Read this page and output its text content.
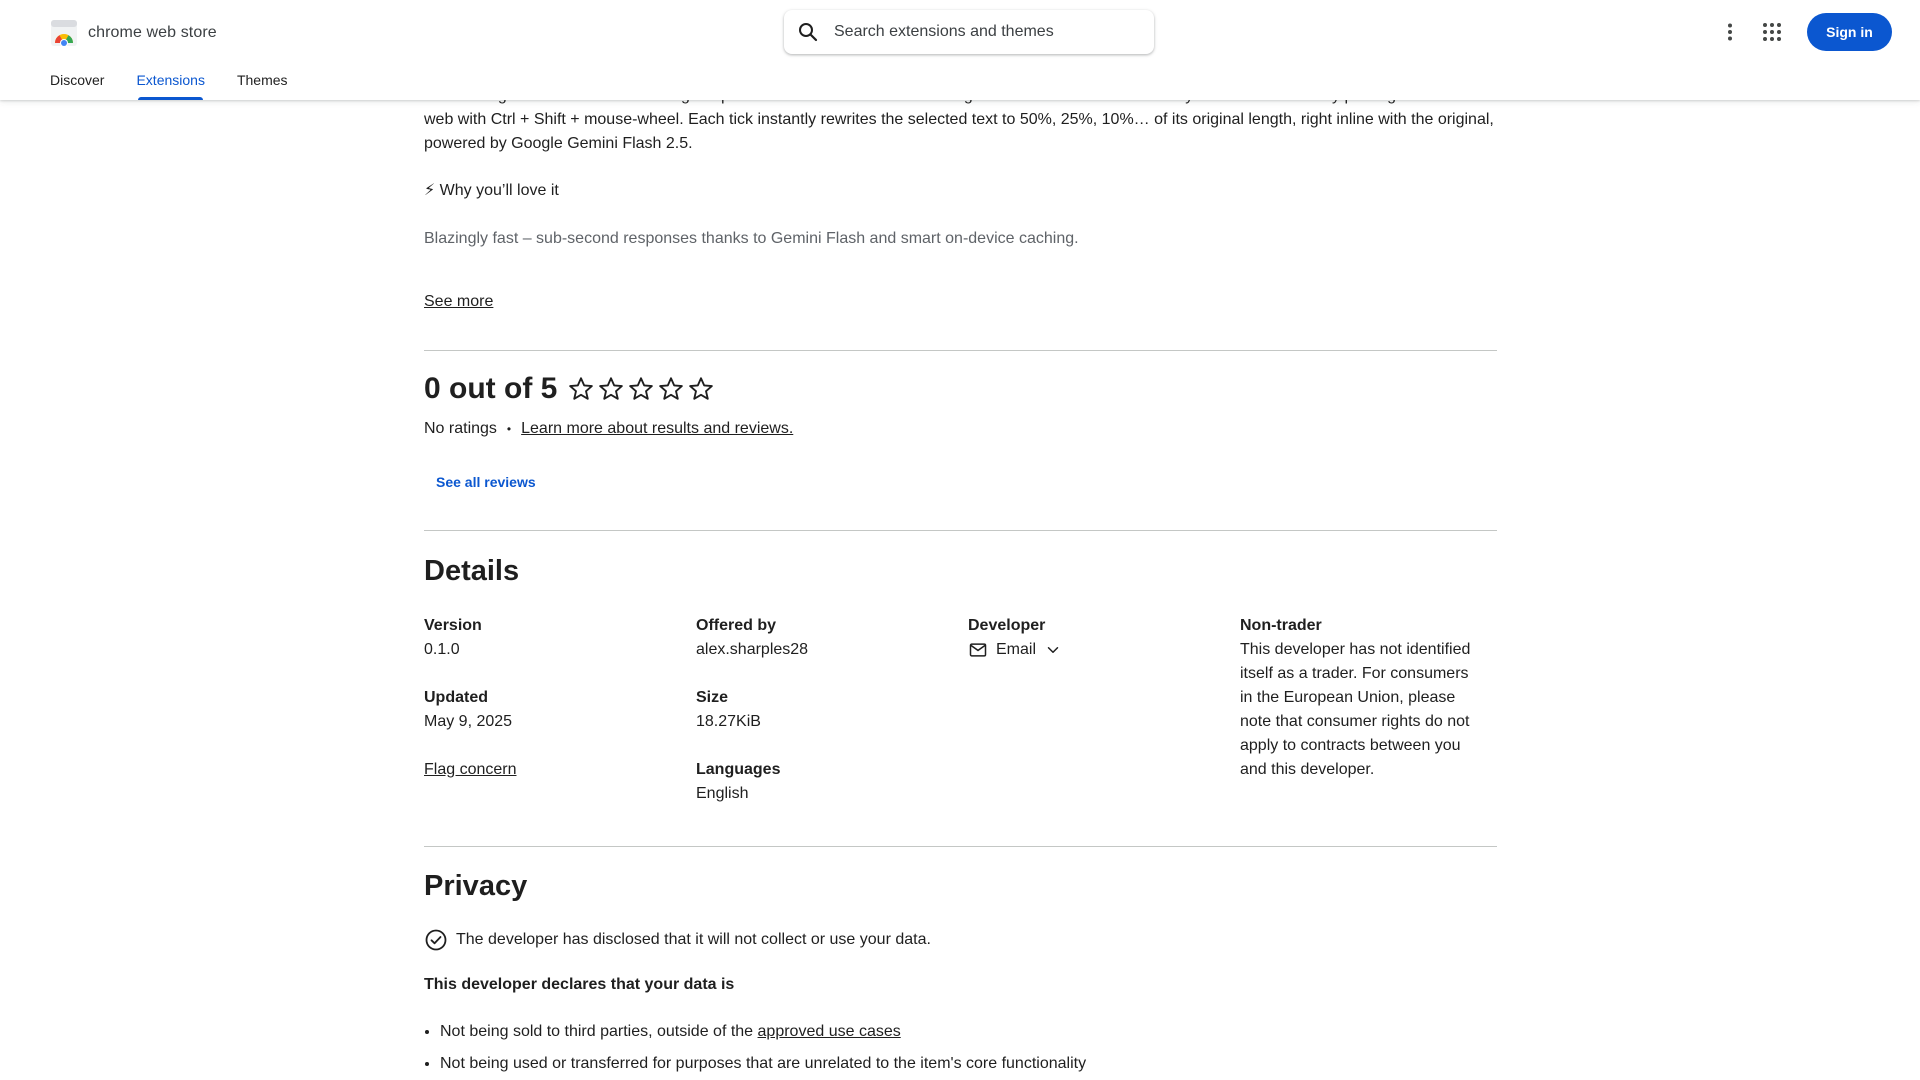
chrome web store
Search extensions and themes	Sign in
Discover Extensions Themes
web with Ctrl + Shift + mouse-wheel. Each tick instantly rewrites the selected text to 50%, 25%, 10%… of its original length, right inline with the original, powered by Google Gemini Flash 2.5.
⚡ Why you’ll love it
Blazingly fast – sub-second responses thanks to Gemini Flash and smart on-device caching.
See more
0 out of 5
No ratings • Learn more about results and reviews.
See all reviews
Details
Version
0.1.0
Updated
May 9, 2025
Flag concern
Offered by
alex.sharples28
Size
18.27KiB
Languages
English
Developer
Email
Non-trader
This developer has not identified itself as a trader. For consumers in the European Union, please note that consumer rights do not apply to contracts between you and this developer.
Privacy
The developer has disclosed that it will not collect or use your data.
This developer declares that your data is
• Not being sold to third parties, outside of the approved use cases
• Not being used or transferred for purposes that are unrelated to the item's core functionality
